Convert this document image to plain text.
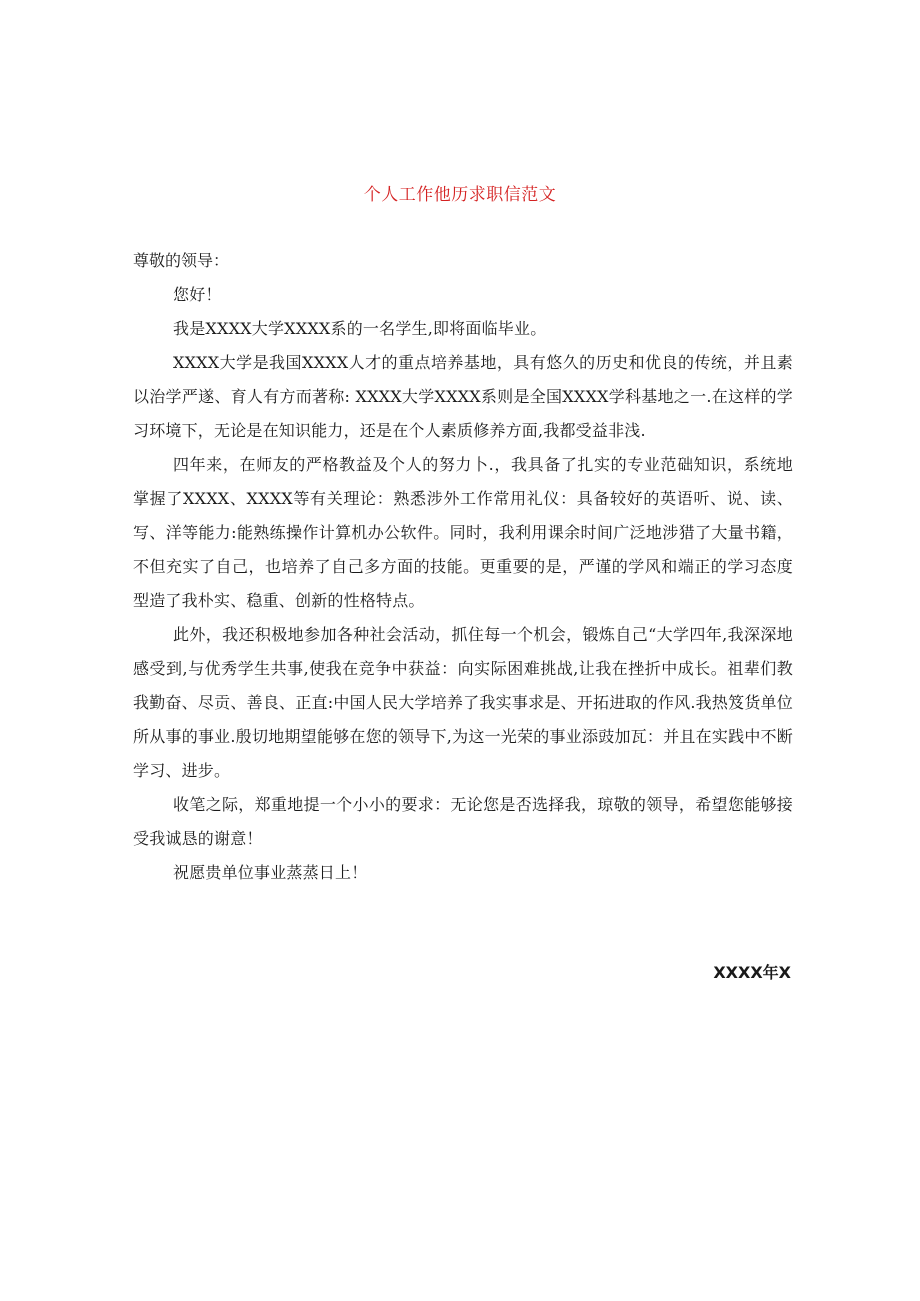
个人工作他历求职信范文

尊敬的领导：

您好！

我是XXXX大学XXXX系的一名学生,即将面临毕业。

XXXX大学是我国XXXX人才的重点培养基地，具有悠久的历史和优良的传统，并且素以治学严遂、育人有方而著称: XXXX大学XXXX系则是全国XXXX学科基地之一.在这样的学习环境下，无论是在知识能力，还是在个人素质修养方面,我都受益非浅.

四年来，在师友的严格教益及个人的努力卜.，我具备了扎实的专业范础知识，系统地掌握了XXXX、XXXX等有关理论：熟悉涉外工作常用礼仪：具备较好的英语听、说、读、写、洋等能力:能熟练操作计算机办公软件。同时，我利用课余时间广泛地涉猎了大量书籍，不但充实了自己，也培养了自己多方面的技能。更重要的是，严谨的学风和端正的学习态度型造了我朴实、稳重、创新的性格特点。

此外，我还积极地参加各种社会活动，抓住每一个机会，锻炼自己“大学四年,我深深地感受到,与优秀学生共事,使我在竞争中获益：向实际困难挑战,让我在挫折中成长。祖辈们教我勤奋、尽贡、善良、正直:中国人民大学培养了我实事求是、开拓进取的作风.我热笈货单位所从事的事业.殷切地期望能够在您的领导下,为这一光荣的事业添豉加瓦：并且在实践中不断学习、进步。

收笔之际，郑重地提一个小小的要求：无论您是否选择我，琼敬的领导，希望您能够接受我诚恳的谢意！

祝愿贵单位事业蒸蒸日上！

XXXX年X
